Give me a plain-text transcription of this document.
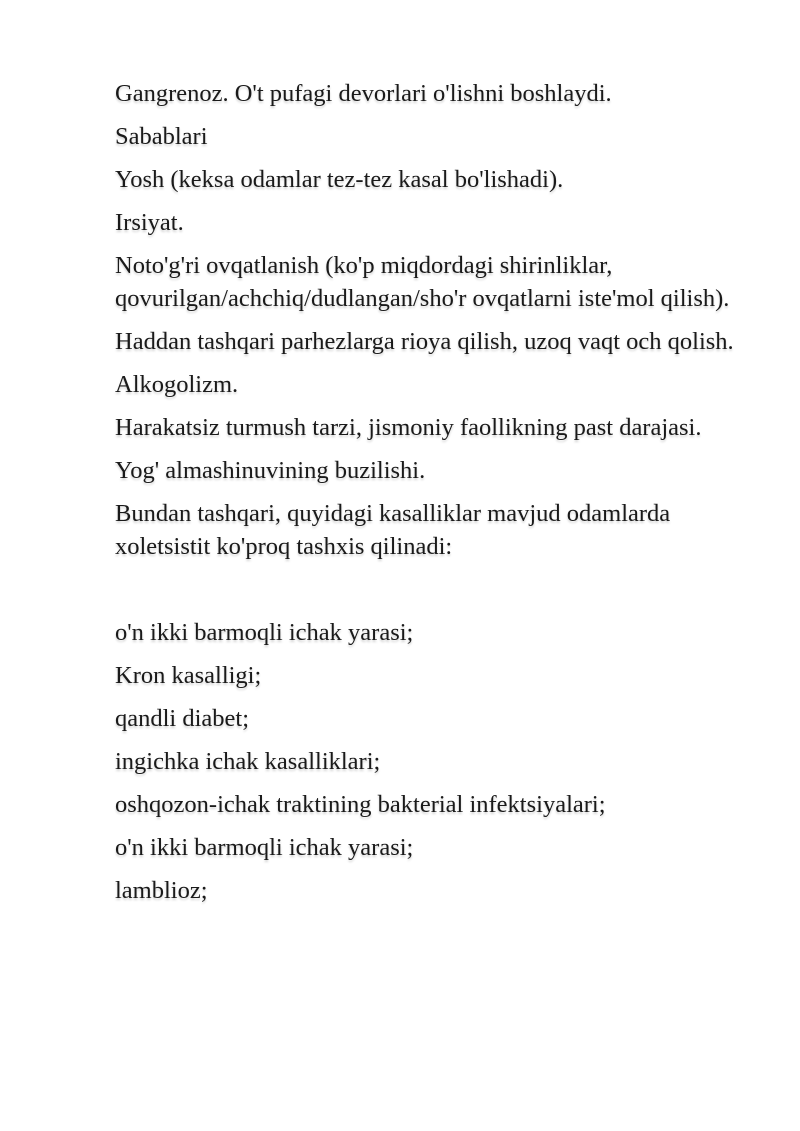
Gangrenoz. O't pufagi devorlari o'lishni boshlaydi.

Sabablari

Yosh (keksa odamlar tez-tez kasal bo'lishadi).

Irsiyat.

Noto'g'ri ovqatlanish (ko'p miqdordagi shirinliklar, qovurilgan/achchiq/dudlangan/sho'r ovqatlarni iste'mol qilish).

Haddan tashqari parhezlarga rioya qilish, uzoq vaqt och qolish.

Alkogolizm.

Harakatsiz turmush tarzi, jismoniy faollikning past darajasi.

Yog' almashinuvining buzilishi.

Bundan tashqari, quyidagi kasalliklar mavjud odamlarda xoletsistit ko'proq tashxis qilinadi:

o'n ikki barmoqli ichak yarasi;

Kron kasalligi;

qandli diabet;

ingichka ichak kasalliklari;

oshqozon-ichak traktining bakterial infektsiyalari;

o'n ikki barmoqli ichak yarasi;

lamblioz;
